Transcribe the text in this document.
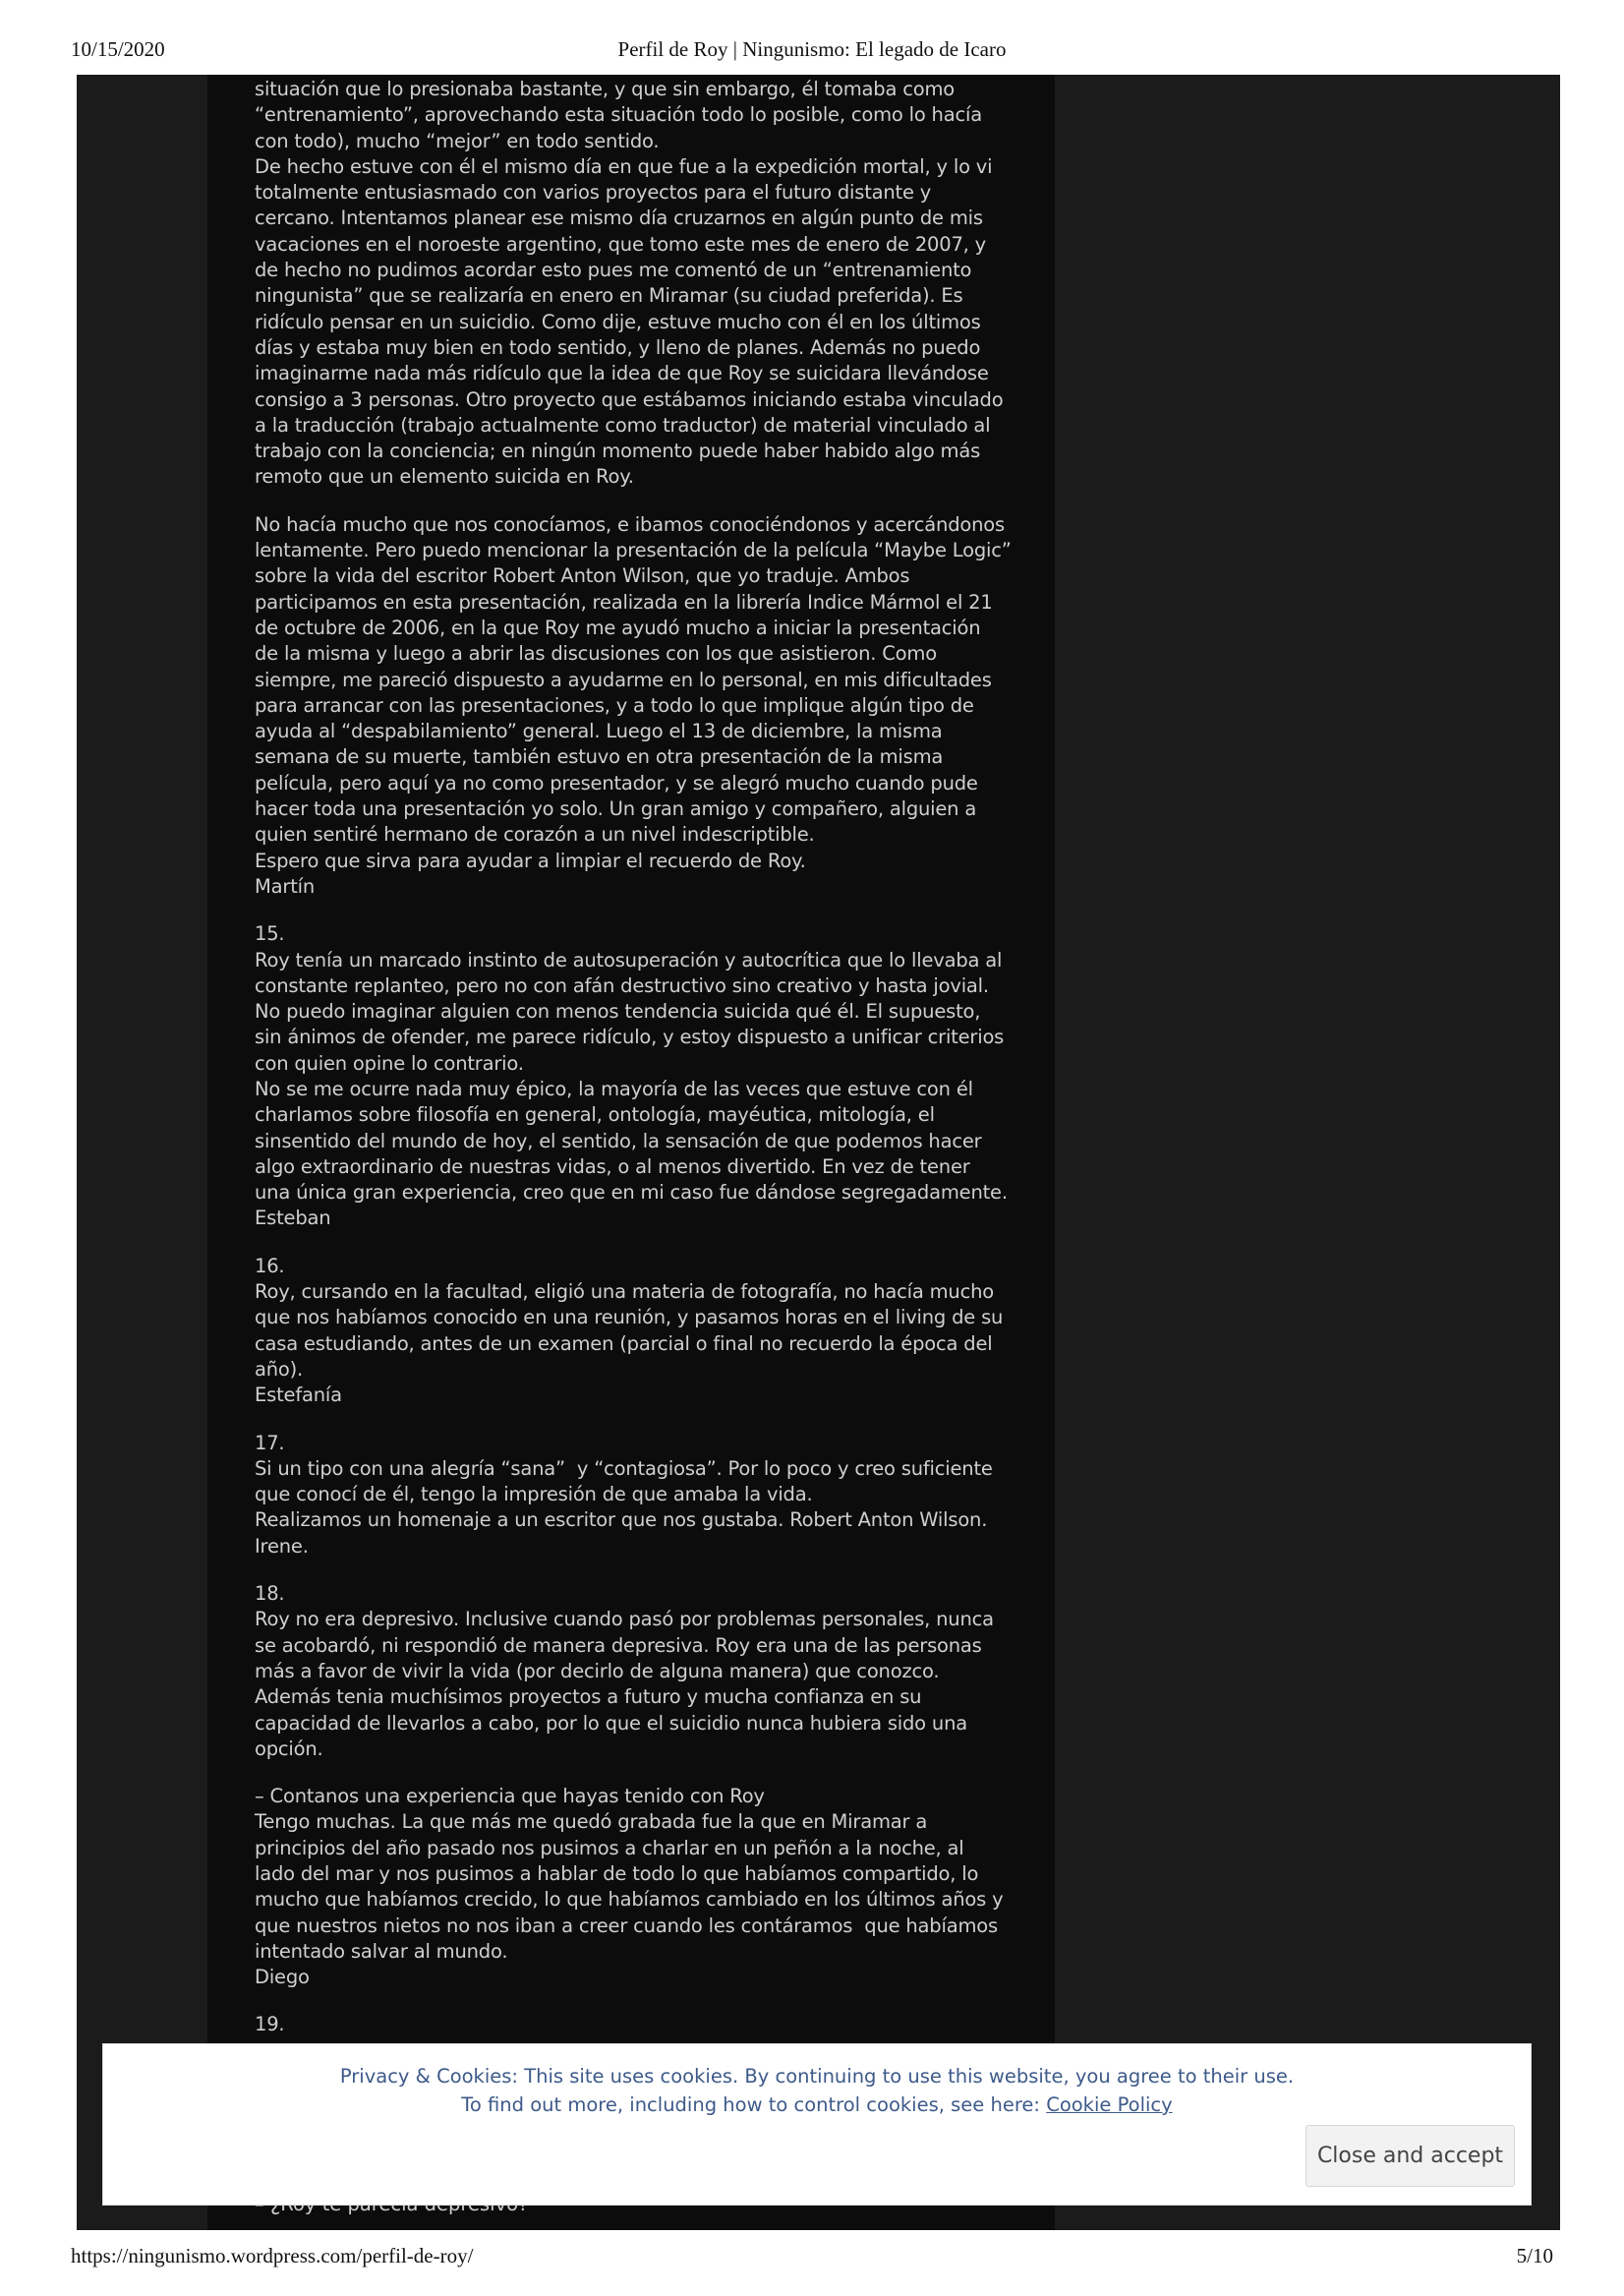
10/15/2020	Perfil de Roy | Ningunismo: El legado de Icaro
situación que lo presionaba bastante, y que sin embargo, él tomaba como
“entrenamiento”, aprovechando esta situación todo lo posible, como lo hacía
con todo), mucho “mejor” en todo sentido.
De hecho estuve con él el mismo día en que fue a la expedición mortal, y lo vi
totalmente entusiasmado con varios proyectos para el futuro distante y
cercano. Intentamos planear ese mismo día cruzarnos en algún punto de mis
vacaciones en el noroeste argentino, que tomo este mes de enero de 2007, y
de hecho no pudimos acordar esto pues me comentó de un “entrenamiento
ningunista” que se realizaría en enero en Miramar (su ciudad preferida). Es
ridículo pensar en un suicidio. Como dije, estuve mucho con él en los últimos
días y estaba muy bien en todo sentido, y lleno de planes. Además no puedo
imaginarme nada más ridículo que la idea de que Roy se suicidara llevándose
consigo a 3 personas. Otro proyecto que estábamos iniciando estaba vinculado
a la traducción (trabajo actualmente como traductor) de material vinculado al
trabajo con la conciencia; en ningún momento puede haber habido algo más
remoto que un elemento suicida en Roy.
No hacía mucho que nos conocíamos, e ibamos conociéndonos y acercándonos
lentamente. Pero puedo mencionar la presentación de la película “Maybe Logic”
sobre la vida del escritor Robert Anton Wilson, que yo traduje. Ambos
participamos en esta presentación, realizada en la librería Indice Mármol el 21
de octubre de 2006, en la que Roy me ayudó mucho a iniciar la presentación
de la misma y luego a abrir las discusiones con los que asistieron. Como
siempre, me pareció dispuesto a ayudarme en lo personal, en mis dificultades
para arrancar con las presentaciones, y a todo lo que implique algún tipo de
ayuda al “despabilamiento” general. Luego el 13 de diciembre, la misma
semana de su muerte, también estuvo en otra presentación de la misma
película, pero aquí ya no como presentador, y se alegró mucho cuando pude
hacer toda una presentación yo solo. Un gran amigo y compañero, alguien a
quien sentiré hermano de corazón a un nivel indescriptible.
Espero que sirva para ayudar a limpiar el recuerdo de Roy.
Martín
15.
Roy tenía un marcado instinto de autosuperación y autocrítica que lo llevaba al
constante replanteo, pero no con afán destructivo sino creativo y hasta jovial.
No puedo imaginar alguien con menos tendencia suicida qué él. El supuesto,
sin ánimos de ofender, me parece ridículo, y estoy dispuesto a unificar criterios
con quien opine lo contrario.
No se me ocurre nada muy épico, la mayoría de las veces que estuve con él
charlamos sobre filosofía en general, ontología, mayéutica, mitología, el
sinsentido del mundo de hoy, el sentido, la sensación de que podemos hacer
algo extraordinario de nuestras vidas, o al menos divertido. En vez de tener
una única gran experiencia, creo que en mi caso fue dándose segregadamente.
Esteban
16.
Roy, cursando en la facultad, eligió una materia de fotografía, no hacía mucho
que nos habíamos conocido en una reunión, y pasamos horas en el living de su
casa estudiando, antes de un examen (parcial o final no recuerdo la época del
año).
Estefanía
17.
Si un tipo con una alegría “sana”  y “contagiosa”. Por lo poco y creo suficiente
que conocí de él, tengo la impresión de que amaba la vida.
Realizamos un homenaje a un escritor que nos gustaba. Robert Anton Wilson.
Irene.
18.
Roy no era depresivo. Inclusive cuando pasó por problemas personales, nunca
se acobardó, ni respondió de manera depresiva. Roy era una de las personas
más a favor de vivir la vida (por decirlo de alguna manera) que conozco.
Además tenia muchísimos proyectos a futuro y mucha confianza en su
capacidad de llevarlos a cabo, por lo que el suicidio nunca hubiera sido una
opción.
– Contanos una experiencia que hayas tenido con Roy
Tengo muchas. La que más me quedó grabada fue la que en Miramar a
principios del año pasado nos pusimos a charlar en un peñón a la noche, al
lado del mar y nos pusimos a hablar de todo lo que habíamos compartido, lo
mucho que habíamos crecido, lo que habíamos cambiado en los últimos años y
que nuestros nietos no nos iban a creer cuando les contáramos  que habíamos
intentado salvar al mundo.
Diego
19.
Privacy & Cookies: This site uses cookies. By continuing to use this website, you agree to their use.
To find out more, including how to control cookies, see here: Cookie Policy
Close and accept
https://ningunismo.wordpress.com/perfil-de-roy/	5/10
